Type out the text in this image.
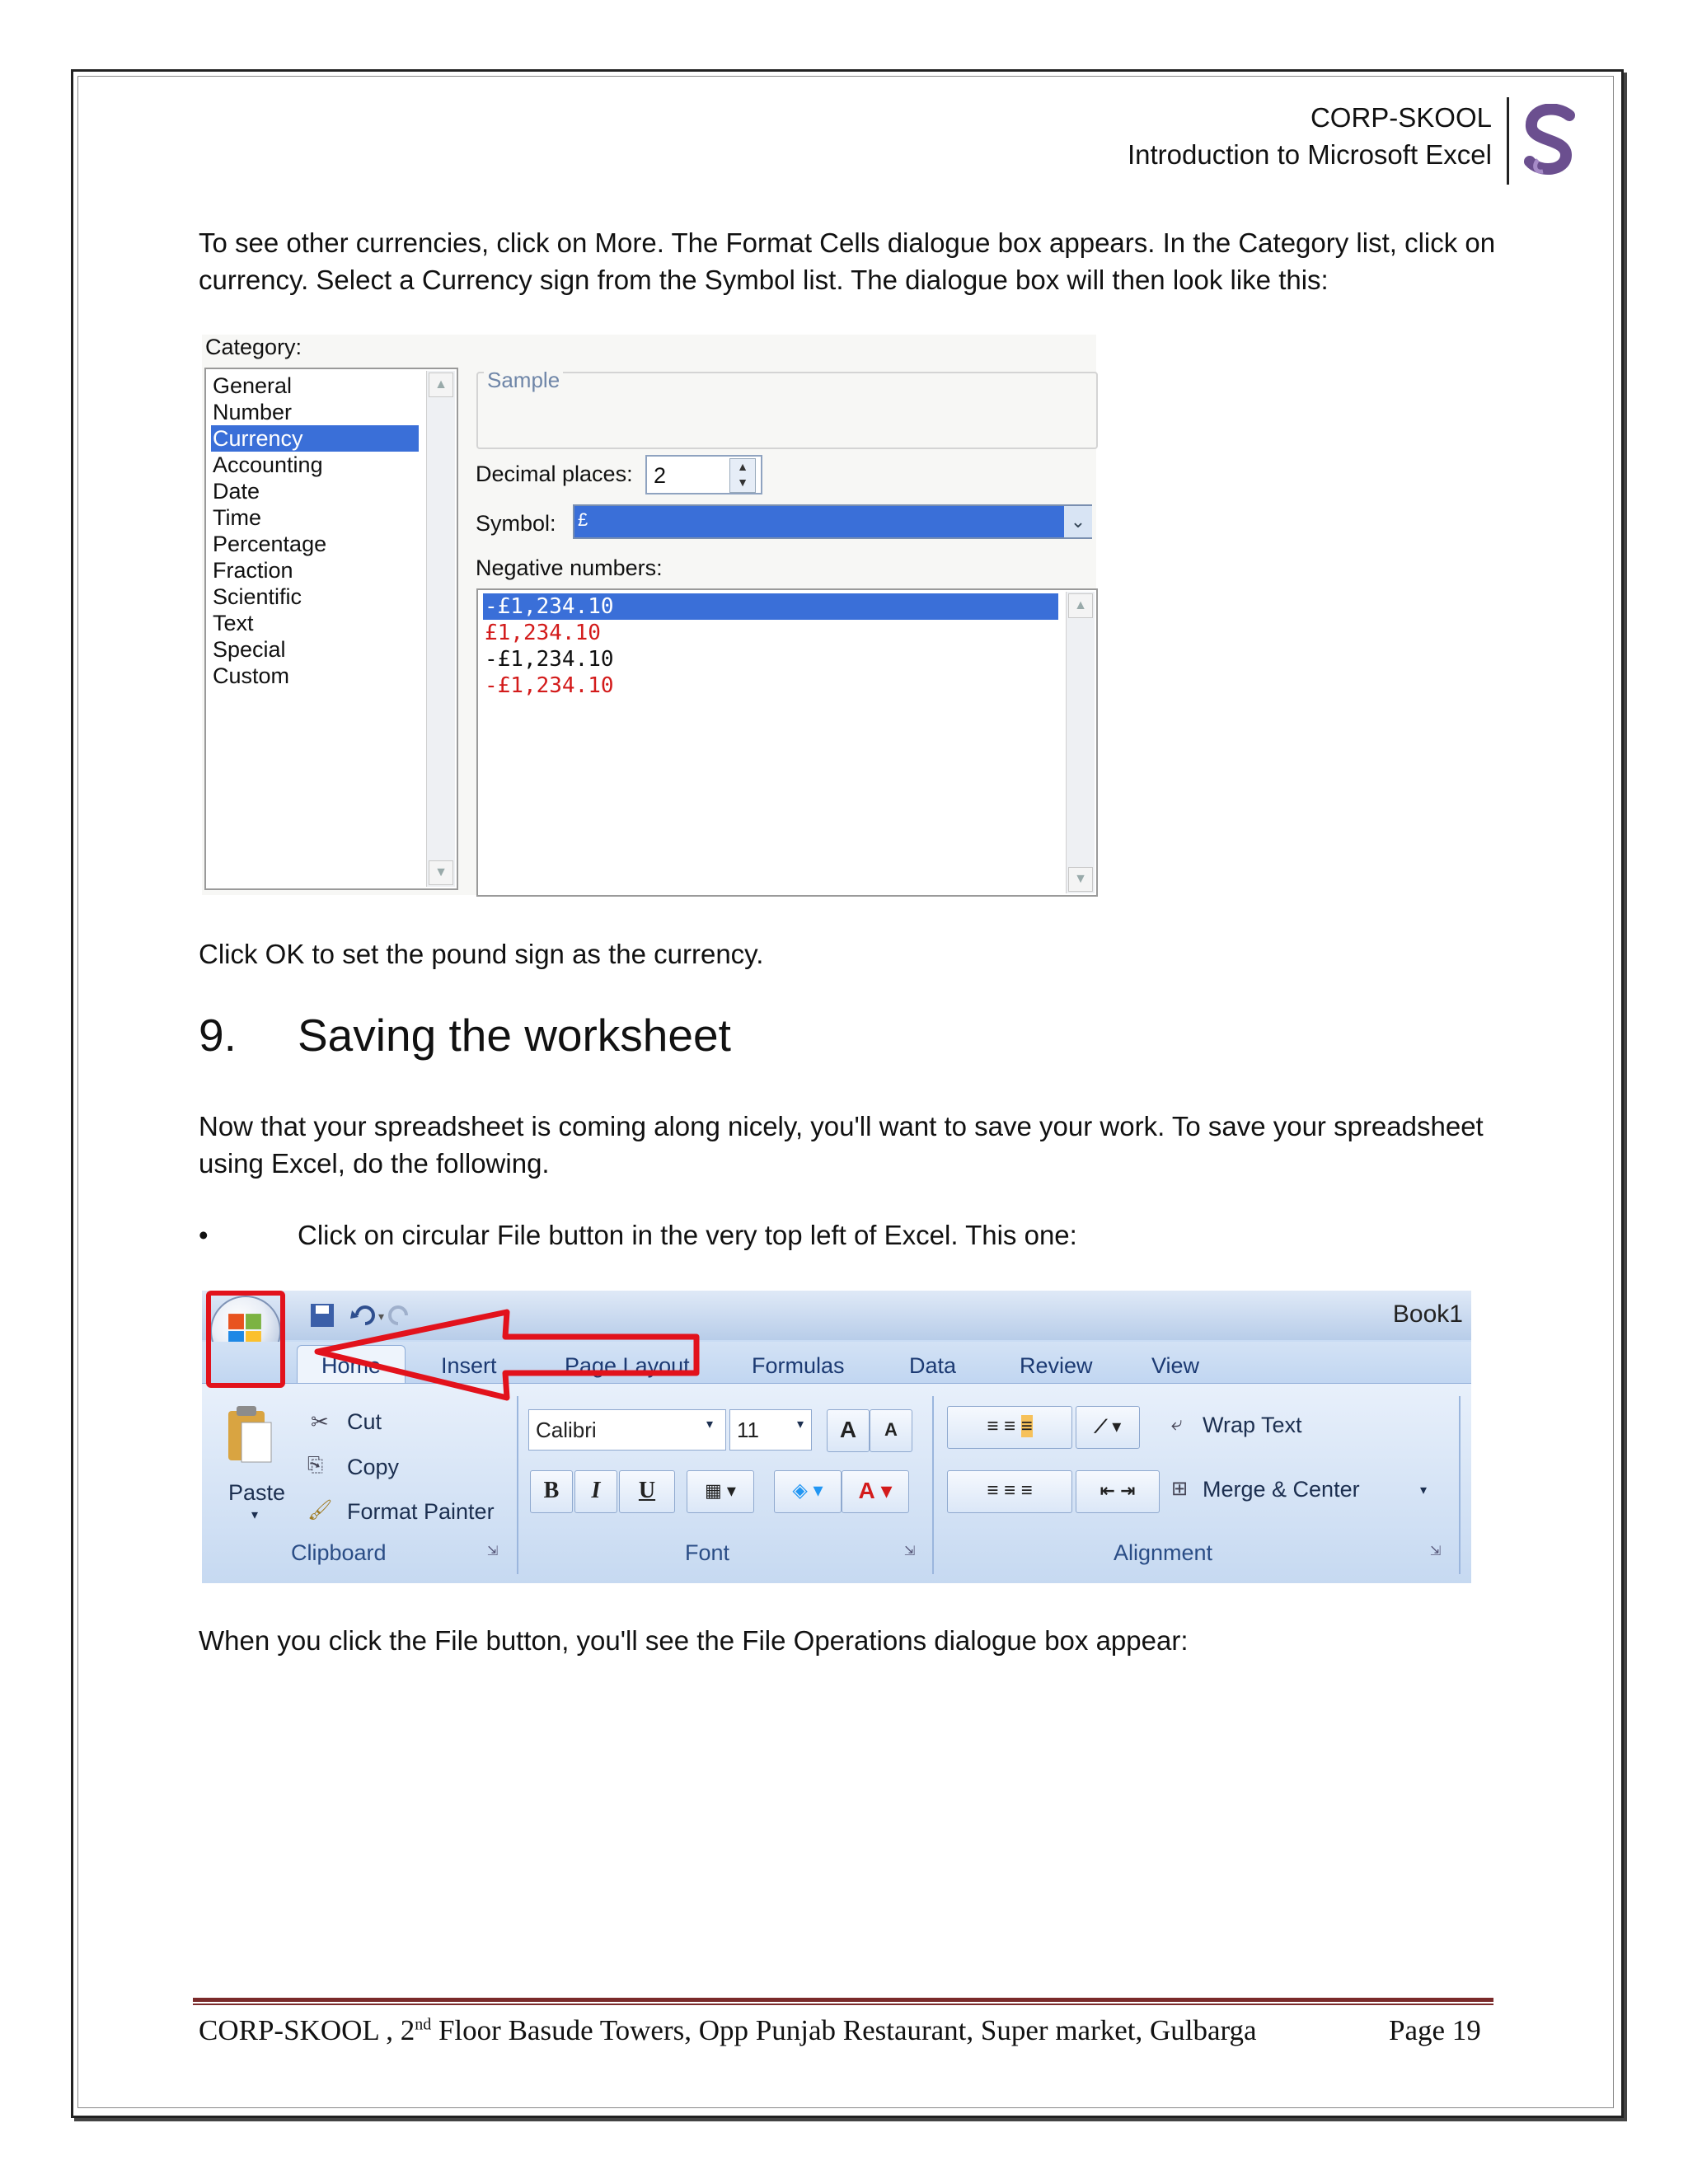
CORP-SKOOL
Introduction to Microsoft Excel
To see other currencies, click on More. The Format Cells dialogue box appears. In the Category list, click on currency. Select a Currency sign from the Symbol list. The dialogue box will then look like this:
Category:
General
Number
Currency
Accounting
Date
Time
Percentage
Fraction
Scientific
Text
Special
Custom
▲
▼
Sample
Decimal places: 2	▲
▼
Symbol: £	⌄
Negative numbers:
-£1,234.10
£1,234.10
-£1,234.10
-£1,234.10
▲
▼
Click OK to set the pound sign as the currency.
9. Saving the worksheet
Now that your spreadsheet is coming along nicely, you'll want to save your work. To save your spreadsheet using Excel, do the following.
•	Click on circular File button in the very top left of Excel. This one:
Book1
▾
Home	Insert	Page Layout	Formulas	Data	Review	View
Paste
▾
✂ Cut
⎘ Copy
🖌 Format Painter
Clipboard	⇲
Calibri	▾	11	▾	A	A
B	I	U	▦ ▾	◈ ▾	A ▾
Font	⇲
≡ ≡ ≡	⟋ ▾
≡ ≡ ≡	⇤ ⇥
⤶ Wrap Text
⊞ Merge & Center	▾
Alignment	⇲
When you click the File button, you'll see the File Operations dialogue box appear:
CORP-SKOOL , 2nd Floor Basude Towers, Opp Punjab Restaurant, Super market, Gulbarga	Page 19
